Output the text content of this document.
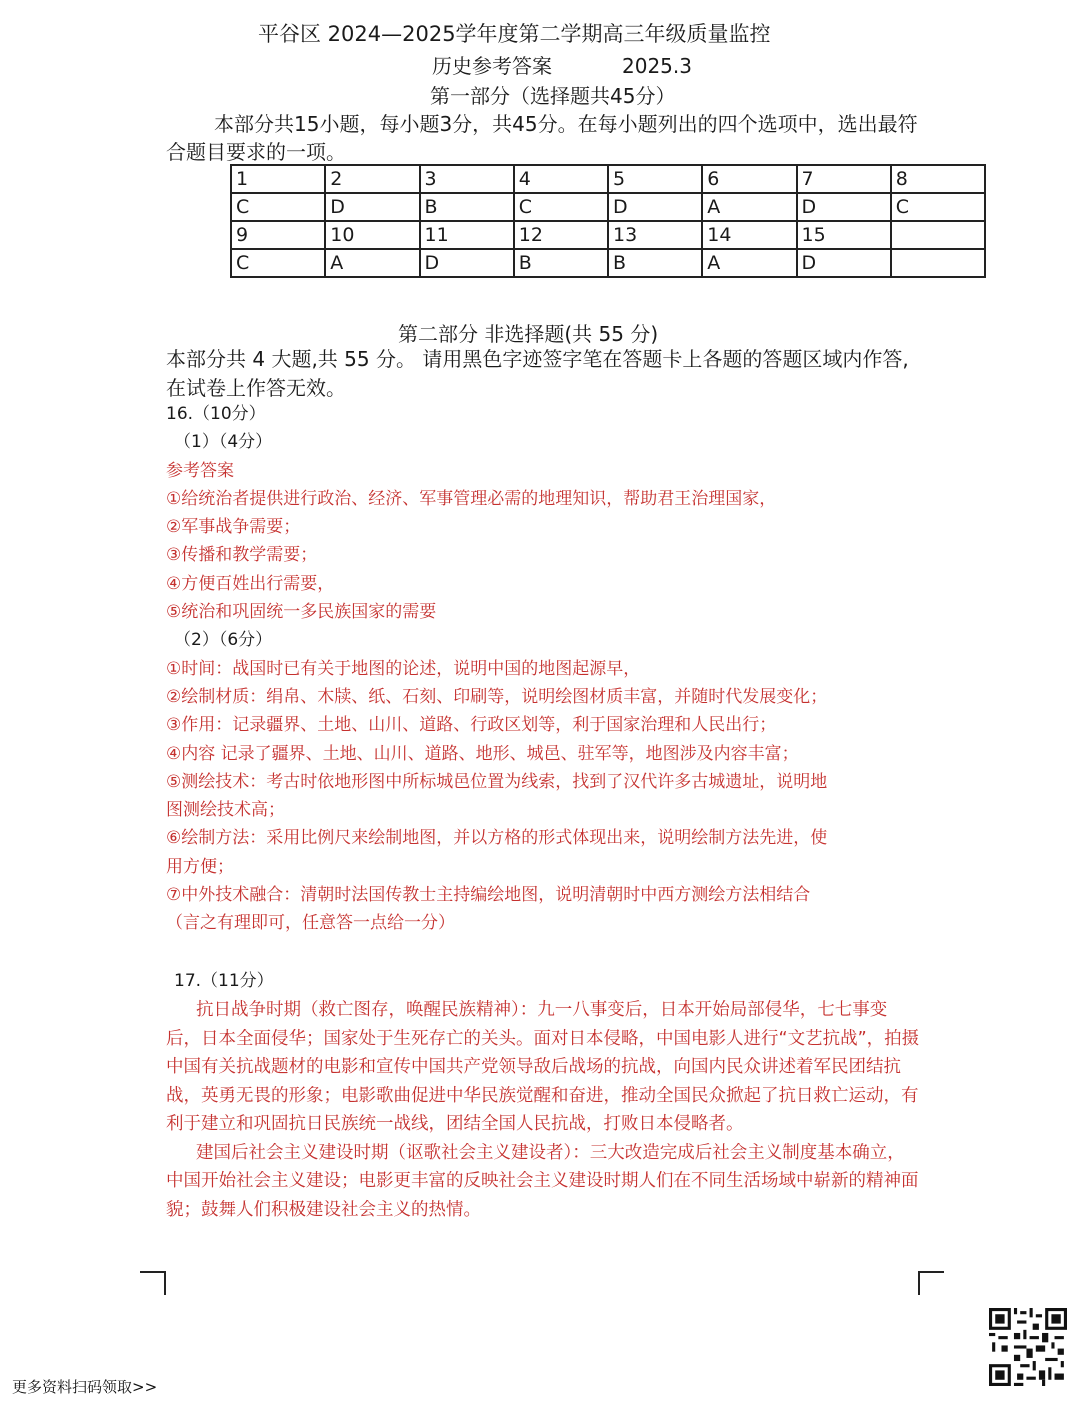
平谷区 2024—2025学年度第二学期高三年级质量监控
历史参考答案	2025.3
第一部分（选择题共45分）
本部分共15小题，每小题3分，共45分。在每小题列出的四个选项中，选出最符合题目要求的一项。
1	2	3	4	5	6	7	8
C	D	B	C	D	A	D	C
9	10	11	12	13	14	15	
C	A	D	B	B	A	D	
第二部分 非选择题(共 55 分)
本部分共 4 大题,共 55 分。 请用黑色字迹签字笔在答题卡上各题的答题区域内作答, 在试卷上作答无效。
16.（10分）
（1）（4分）
参考答案
①给统治者提供进行政治、经济、军事管理必需的地理知识，帮助君王治理国家，
②军事战争需要；
③传播和教学需要；
④方便百姓出行需要，
⑤统治和巩固统一多民族国家的需要
（2）（6分）
①时间：战国时已有关于地图的论述，说明中国的地图起源早，
②绘制材质：绢帛、木牍、纸、石刻、印刷等，说明绘图材质丰富，并随时代发展变化；
③作用：记录疆界、土地、山川、道路、行政区划等，利于国家治理和人民出行；
④内容 记录了疆界、土地、山川、道路、地形、城邑、驻军等，地图涉及内容丰富；
⑤测绘技术：考古时依地形图中所标城邑位置为线索，找到了汉代许多古城遗址，说明地
图测绘技术高；
⑥绘制方法：采用比例尺来绘制地图，并以方格的形式体现出来，说明绘制方法先进，使
用方便；
⑦中外技术融合：清朝时法国传教士主持编绘地图，说明清朝时中西方测绘方法相结合
（言之有理即可，任意答一点给一分）
17.（11分）

抗日战争时期（救亡图存，唤醒民族精神）：九一八事变后，日本开始局部侵华，七七事变后，日本全面侵华；国家处于生死存亡的关头。面对日本侵略，中国电影人进行“文艺抗战”，拍摄中国有关抗战题材的电影和宣传中国共产党领导敌后战场的抗战，向国内民众讲述着军民团结抗战，英勇无畏的形象；电影歌曲促进中华民族觉醒和奋进，推动全国民众掀起了抗日救亡运动，有利于建立和巩固抗日民族统一战线，团结全国人民抗战，打败日本侵略者。

建国后社会主义建设时期（讴歌社会主义建设者）：三大改造完成后社会主义制度基本确立，中国开始社会主义建设；电影更丰富的反映社会主义建设时期人们在不同生活场域中崭新的精神面貌；鼓舞人们积极建设社会主义的热情。

更多资料扫码领取>>
